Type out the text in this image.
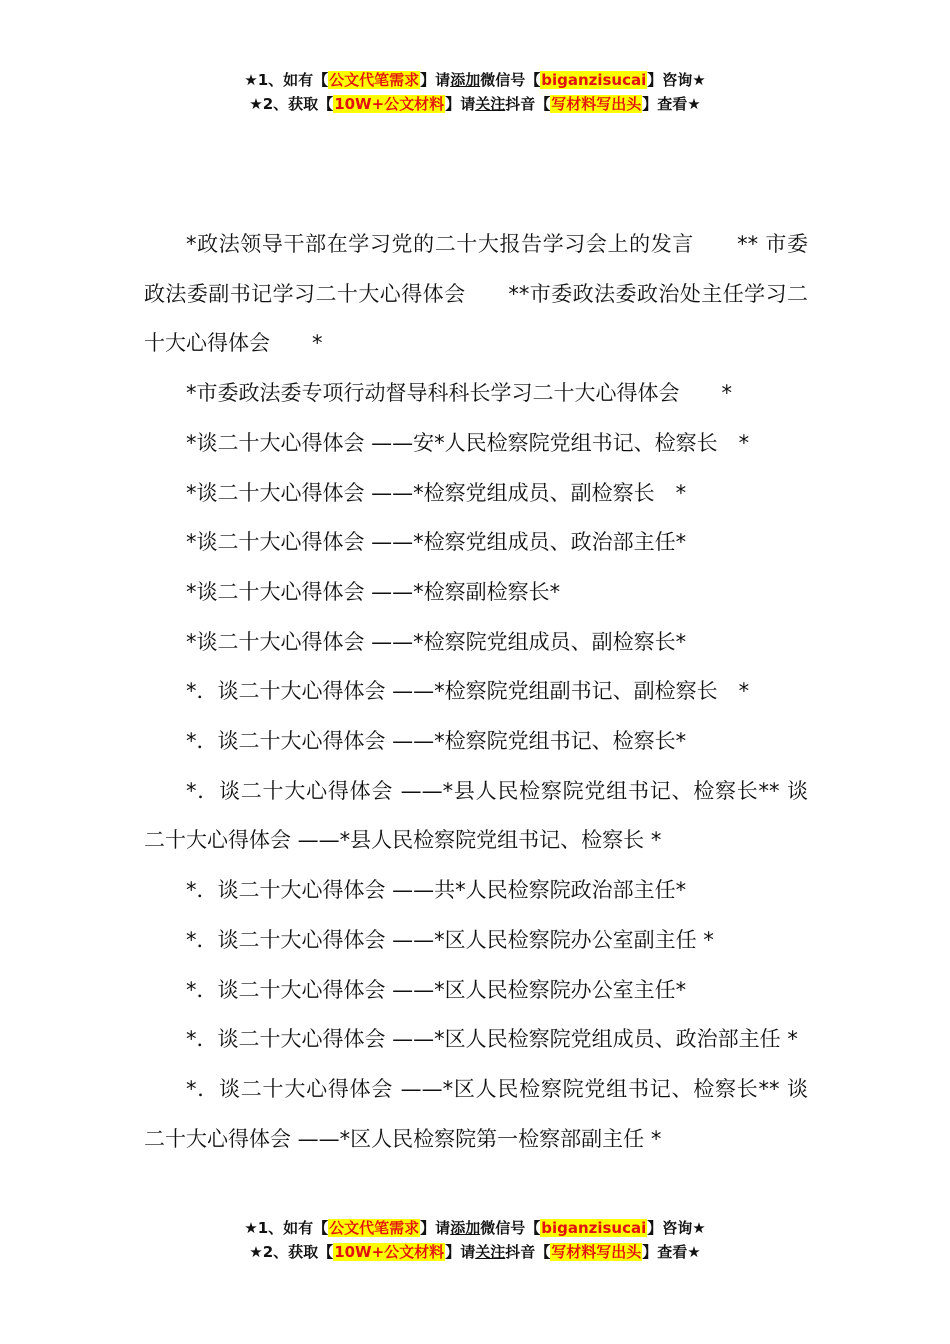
★1、如有【公文代笔需求】请添加微信号【biganzisucai】咨询★
★2、获取【10W+公文材料】请关注抖音【写材料写出头】查看★

*政法领导干部在学习党的二十大报告学习会上的发言　　** 市委政法委副书记学习二十大心得体会　　**市委政法委政治处主任学习二十大心得体会　　*

*市委政法委专项行动督导科科长学习二十大心得体会　　*

*谈二十大心得体会 ——安*人民检察院党组书记、检察长　*

*谈二十大心得体会 ——*检察党组成员、副检察长　*

*谈二十大心得体会 ——*检察党组成员、政治部主任*

*谈二十大心得体会 ——*检察副检察长*

*谈二十大心得体会 ——*检察院党组成员、副检察长*

*．谈二十大心得体会 ——*检察院党组副书记、副检察长　*

*．谈二十大心得体会 ——*检察院党组书记、检察长*

*．谈二十大心得体会 ——*县人民检察院党组书记、检察长** 谈二十大心得体会 ——*县人民检察院党组书记、检察长 *

*．谈二十大心得体会 ——共*人民检察院政治部主任*

*．谈二十大心得体会 ——*区人民检察院办公室副主任 *

*．谈二十大心得体会 ——*区人民检察院办公室主任*

*．谈二十大心得体会 ——*区人民检察院党组成员、政治部主任 *

*．谈二十大心得体会 ——*区人民检察院党组书记、检察长** 谈二十大心得体会 ——*区人民检察院第一检察部副主任 *

★1、如有【公文代笔需求】请添加微信号【biganzisucai】咨询★
★2、获取【10W+公文材料】请关注抖音【写材料写出头】查看★
